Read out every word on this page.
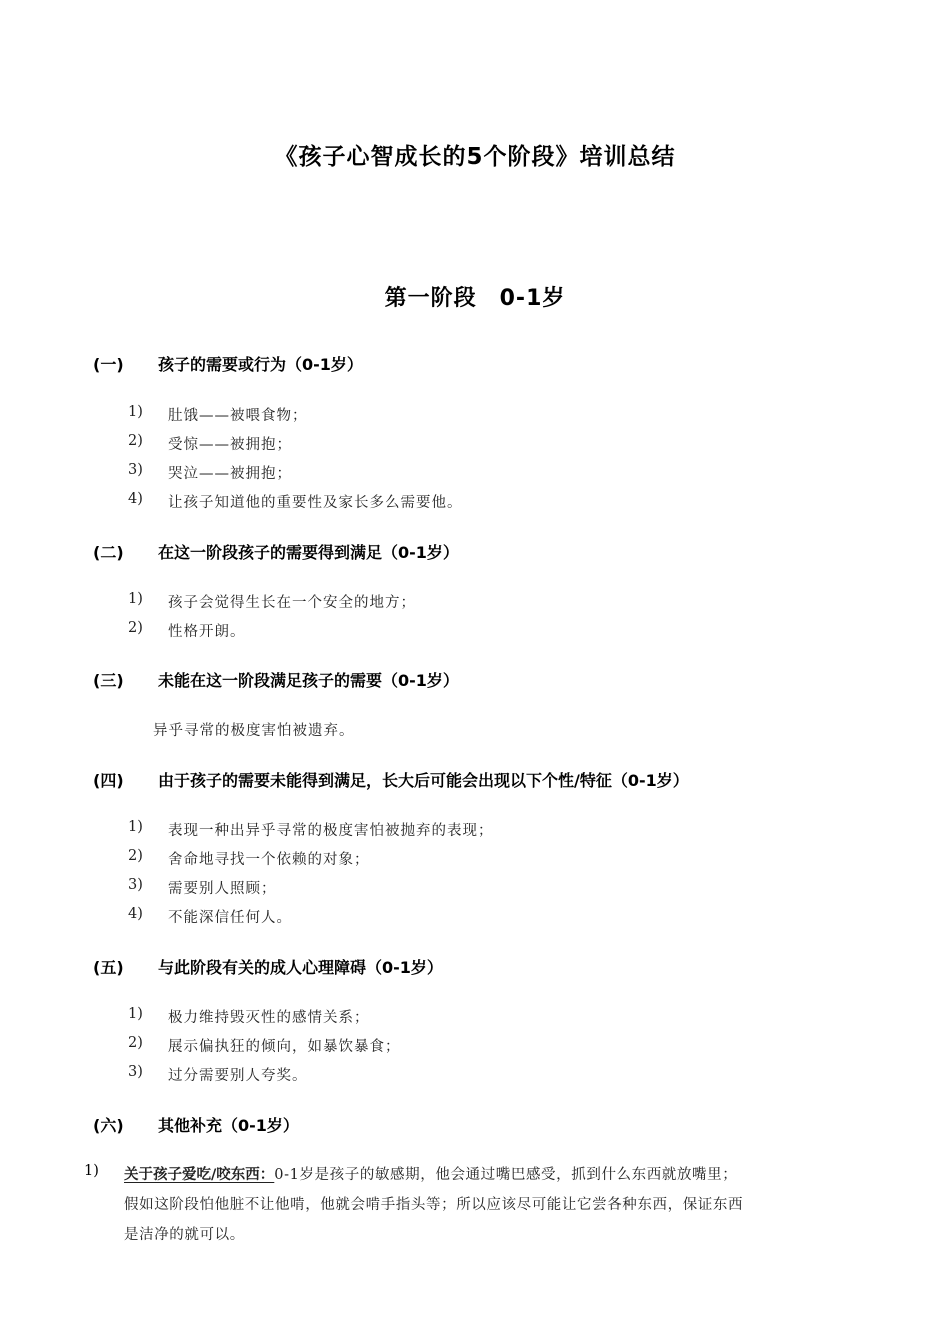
《孩子心智成长的5个阶段》培训总结
第一阶段　0-1岁
(一) 孩子的需要或行为（0-1岁）
1) 肚饿——被喂食物；
2) 受惊——被拥抱；
3) 哭泣——被拥抱；
4) 让孩子知道他的重要性及家长多么需要他。
(二) 在这一阶段孩子的需要得到满足（0-1岁）
1) 孩子会觉得生长在一个安全的地方；
2) 性格开朗。
(三) 未能在这一阶段满足孩子的需要（0-1岁）
异乎寻常的极度害怕被遗弃。
(四) 由于孩子的需要未能得到满足，长大后可能会出现以下个性/特征（0-1岁）
1) 表现一种出异乎寻常的极度害怕被抛弃的表现；
2) 舍命地寻找一个依赖的对象；
3) 需要别人照顾；
4) 不能深信任何人。
(五) 与此阶段有关的成人心理障碍（0-1岁）
1) 极力维持毁灭性的感情关系；
2) 展示偏执狂的倾向，如暴饮暴食；
3) 过分需要别人夸奖。
(六) 其他补充（0-1岁）
1) 关于孩子爱吃/咬东西：0-1岁是孩子的敏感期，他会通过嘴巴感受，抓到什么东西就放嘴里；
假如这阶段怕他脏不让他啃，他就会啃手指头等；所以应该尽可能让它尝各种东西，保证东西
是洁净的就可以。
